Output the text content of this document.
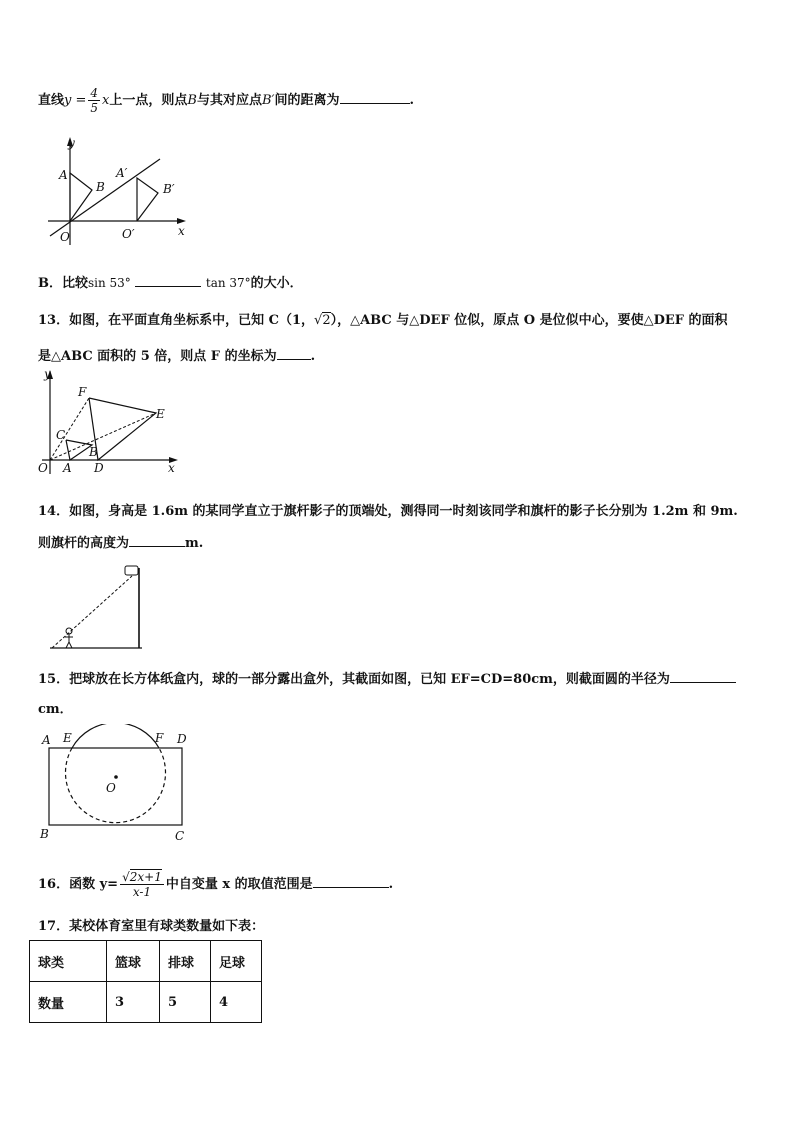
直线$y = \frac{4}{5}$ x上一点，则点B与其对应点B′间的距离为	.
y
x
A
B
A′
B′
O	O′
B．比较sin 53°	tan 37°的大小．
13．如图，在平面直角坐标系中，已知 C（1，√2），△ABC 与△DEF 位似，原点 O 是位似中心，要使△DEF 的面积
是△ABC 面积的 5 倍，则点 F 的坐标为	.
y
x
F
E
C
B
O A D
14．如图，身高是 1.6m 的某同学直立于旗杆影子的顶端处，测得同一时刻该同学和旗杆的影子长分别为 1.2m 和 9m.
则旗杆的高度为	m.
15．把球放在长方体纸盒内，球的一部分露出盒外，其截面如图，已知 EF=CD=80cm，则截面圆的半径为
cm．
A E	F D
O
B	C
16．函数 $y= \frac{√2x+1}{x-1}$ 中自变量 x 的取值范围是	.
17．某校体育室里有球类数量如下表：
球类	篮球	排球	足球
数量	3	5	4
